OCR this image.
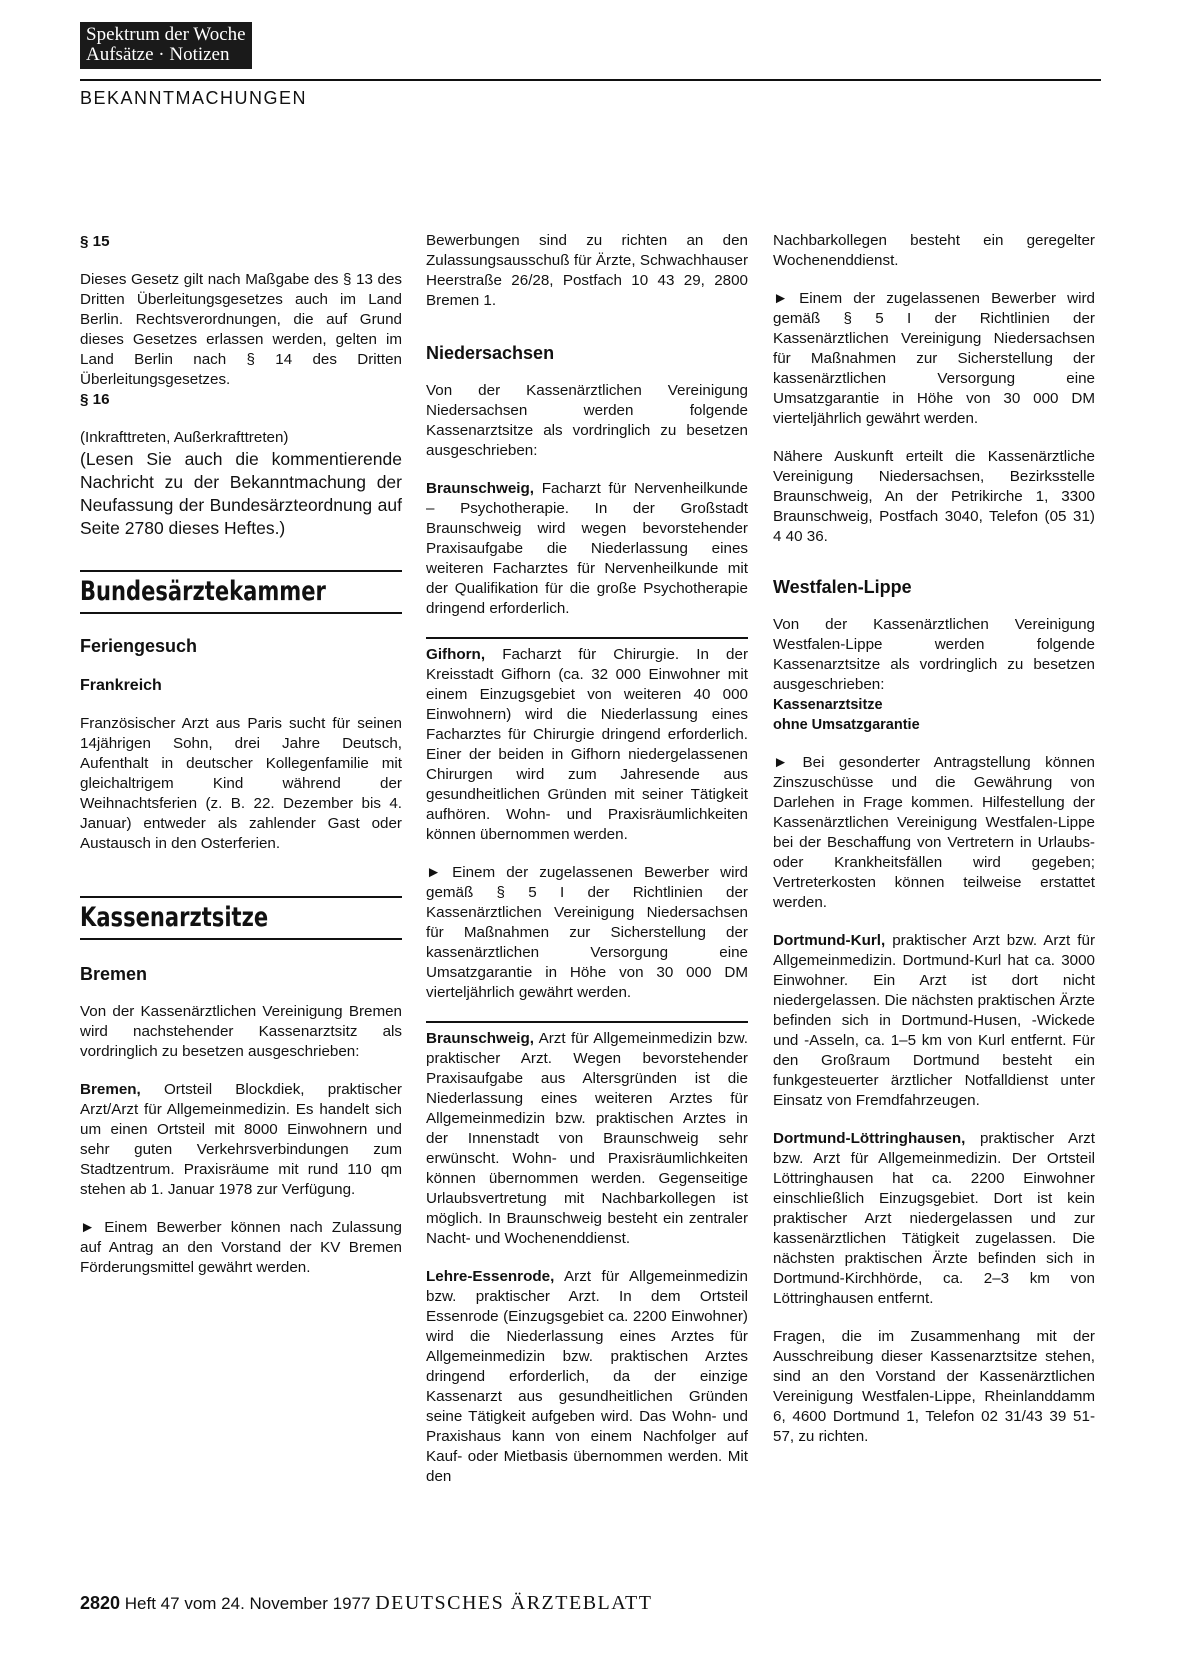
Spektrum der Woche
Aufsätze · Notizen
BEKANNTMACHUNGEN

§ 15

Dieses Gesetz gilt nach Maßgabe des § 13 des Dritten Überleitungsgesetzes auch im Land Berlin. Rechtsverordnungen, die auf Grund dieses Gesetzes erlassen werden, gelten im Land Berlin nach § 14 des Dritten Überleitungsgesetzes.

§ 16

(Inkrafttreten, Außerkrafttreten)

(Lesen Sie auch die kommentierende Nachricht zu der Bekanntmachung der Neufassung der Bundesärzteordnung auf Seite 2780 dieses Heftes.)

Bundesärztekammer

Feriengesuch

Frankreich

Französischer Arzt aus Paris sucht für seinen 14jährigen Sohn, drei Jahre Deutsch, Aufenthalt in deutscher Kollegenfamilie mit gleichaltrigem Kind während der Weihnachtsferien (z. B. 22. Dezember bis 4. Januar) entweder als zahlender Gast oder Austausch in den Osterferien.

Kassenarztsitze

Bremen

Von der Kassenärztlichen Vereinigung Bremen wird nachstehender Kassenarztsitz als vordringlich zu besetzen ausgeschrieben:

Bremen, Ortsteil Blockdiek, praktischer Arzt/Arzt für Allgemeinmedizin. Es handelt sich um einen Ortsteil mit 8000 Einwohnern und sehr guten Verkehrsverbindungen zum Stadtzentrum. Praxisräume mit rund 110 qm stehen ab 1. Januar 1978 zur Verfügung.

► Einem Bewerber können nach Zulassung auf Antrag an den Vorstand der KV Bremen Förderungsmittel gewährt werden.

Bewerbungen sind zu richten an den Zulassungsausschuß für Ärzte, Schwachhauser Heerstraße 26/28, Postfach 10 43 29, 2800 Bremen 1.

Niedersachsen

Von der Kassenärztlichen Vereinigung Niedersachsen werden folgende Kassenarztsitze als vordringlich zu besetzen ausgeschrieben:

Braunschweig, Facharzt für Nervenheilkunde – Psychotherapie. In der Großstadt Braunschweig wird wegen bevorstehender Praxisaufgabe die Niederlassung eines weiteren Facharztes für Nervenheilkunde mit der Qualifikation für die große Psychotherapie dringend erforderlich.

Gifhorn, Facharzt für Chirurgie. In der Kreisstadt Gifhorn (ca. 32 000 Einwohner mit einem Einzugsgebiet von weiteren 40 000 Einwohnern) wird die Niederlassung eines Facharztes für Chirurgie dringend erforderlich. Einer der beiden in Gifhorn niedergelassenen Chirurgen wird zum Jahresende aus gesundheitlichen Gründen mit seiner Tätigkeit aufhören. Wohn- und Praxisräumlichkeiten können übernommen werden.

► Einem der zugelassenen Bewerber wird gemäß § 5 I der Richtlinien der Kassenärztlichen Vereinigung Niedersachsen für Maßnahmen zur Sicherstellung der kassenärztlichen Versorgung eine Umsatzgarantie in Höhe von 30 000 DM vierteljährlich gewährt werden.

Braunschweig, Arzt für Allgemeinmedizin bzw. praktischer Arzt. Wegen bevorstehender Praxisaufgabe aus Altersgründen ist die Niederlassung eines weiteren Arztes für Allgemeinmedizin bzw. praktischen Arztes in der Innenstadt von Braunschweig sehr erwünscht. Wohn- und Praxisräumlichkeiten können übernommen werden. Gegenseitige Urlaubsvertretung mit Nachbarkollegen ist möglich. In Braunschweig besteht ein zentraler Nacht- und Wochenenddienst.

Lehre-Essenrode, Arzt für Allgemeinmedizin bzw. praktischer Arzt. In dem Ortsteil Essenrode (Einzugsgebiet ca. 2200 Einwohner) wird die Niederlassung eines Arztes für Allgemeinmedizin bzw. praktischen Arztes dringend erforderlich, da der einzige Kassenarzt aus gesundheitlichen Gründen seine Tätigkeit aufgeben wird. Das Wohn- und Praxishaus kann von einem Nachfolger auf Kauf- oder Mietbasis übernommen werden. Mit den

Nachbarkollegen besteht ein geregelter Wochenenddienst.

► Einem der zugelassenen Bewerber wird gemäß § 5 I der Richtlinien der Kassenärztlichen Vereinigung Niedersachsen für Maßnahmen zur Sicherstellung der kassenärztlichen Versorgung eine Umsatzgarantie in Höhe von 30 000 DM vierteljährlich gewährt werden.

Nähere Auskunft erteilt die Kassenärztliche Vereinigung Niedersachsen, Bezirksstelle Braunschweig, An der Petrikirche 1, 3300 Braunschweig, Postfach 3040, Telefon (05 31) 4 40 36.

Westfalen-Lippe

Von der Kassenärztlichen Vereinigung Westfalen-Lippe werden folgende Kassenarztsitze als vordringlich zu besetzen ausgeschrieben:

Kassenarztsitze
ohne Umsatzgarantie

► Bei gesonderter Antragstellung können Zinszuschüsse und die Gewährung von Darlehen in Frage kommen. Hilfestellung der Kassenärztlichen Vereinigung Westfalen-Lippe bei der Beschaffung von Vertretern in Urlaubs- oder Krankheitsfällen wird gegeben; Vertreterkosten können teilweise erstattet werden.

Dortmund-Kurl, praktischer Arzt bzw. Arzt für Allgemeinmedizin. Dortmund-Kurl hat ca. 3000 Einwohner. Ein Arzt ist dort nicht niedergelassen. Die nächsten praktischen Ärzte befinden sich in Dortmund-Husen, -Wickede und -Asseln, ca. 1–5 km von Kurl entfernt. Für den Großraum Dortmund besteht ein funkgesteuerter ärztlicher Notfalldienst unter Einsatz von Fremdfahrzeugen.

Dortmund-Löttringhausen, praktischer Arzt bzw. Arzt für Allgemeinmedizin. Der Ortsteil Löttringhausen hat ca. 2200 Einwohner einschließlich Einzugsgebiet. Dort ist kein praktischer Arzt niedergelassen und zur kassenärztlichen Tätigkeit zugelassen. Die nächsten praktischen Ärzte befinden sich in Dortmund-Kirchhörde, ca. 2–3 km von Löttringhausen entfernt.

Fragen, die im Zusammenhang mit der Ausschreibung dieser Kassenarztsitze stehen, sind an den Vorstand der Kassenärztlichen Vereinigung Westfalen-Lippe, Rheinlanddamm 6, 4600 Dortmund 1, Telefon 02 31/43 39 51-57, zu richten.

2820 Heft 47 vom 24. November 1977 DEUTSCHES ÄRZTEBLATT
